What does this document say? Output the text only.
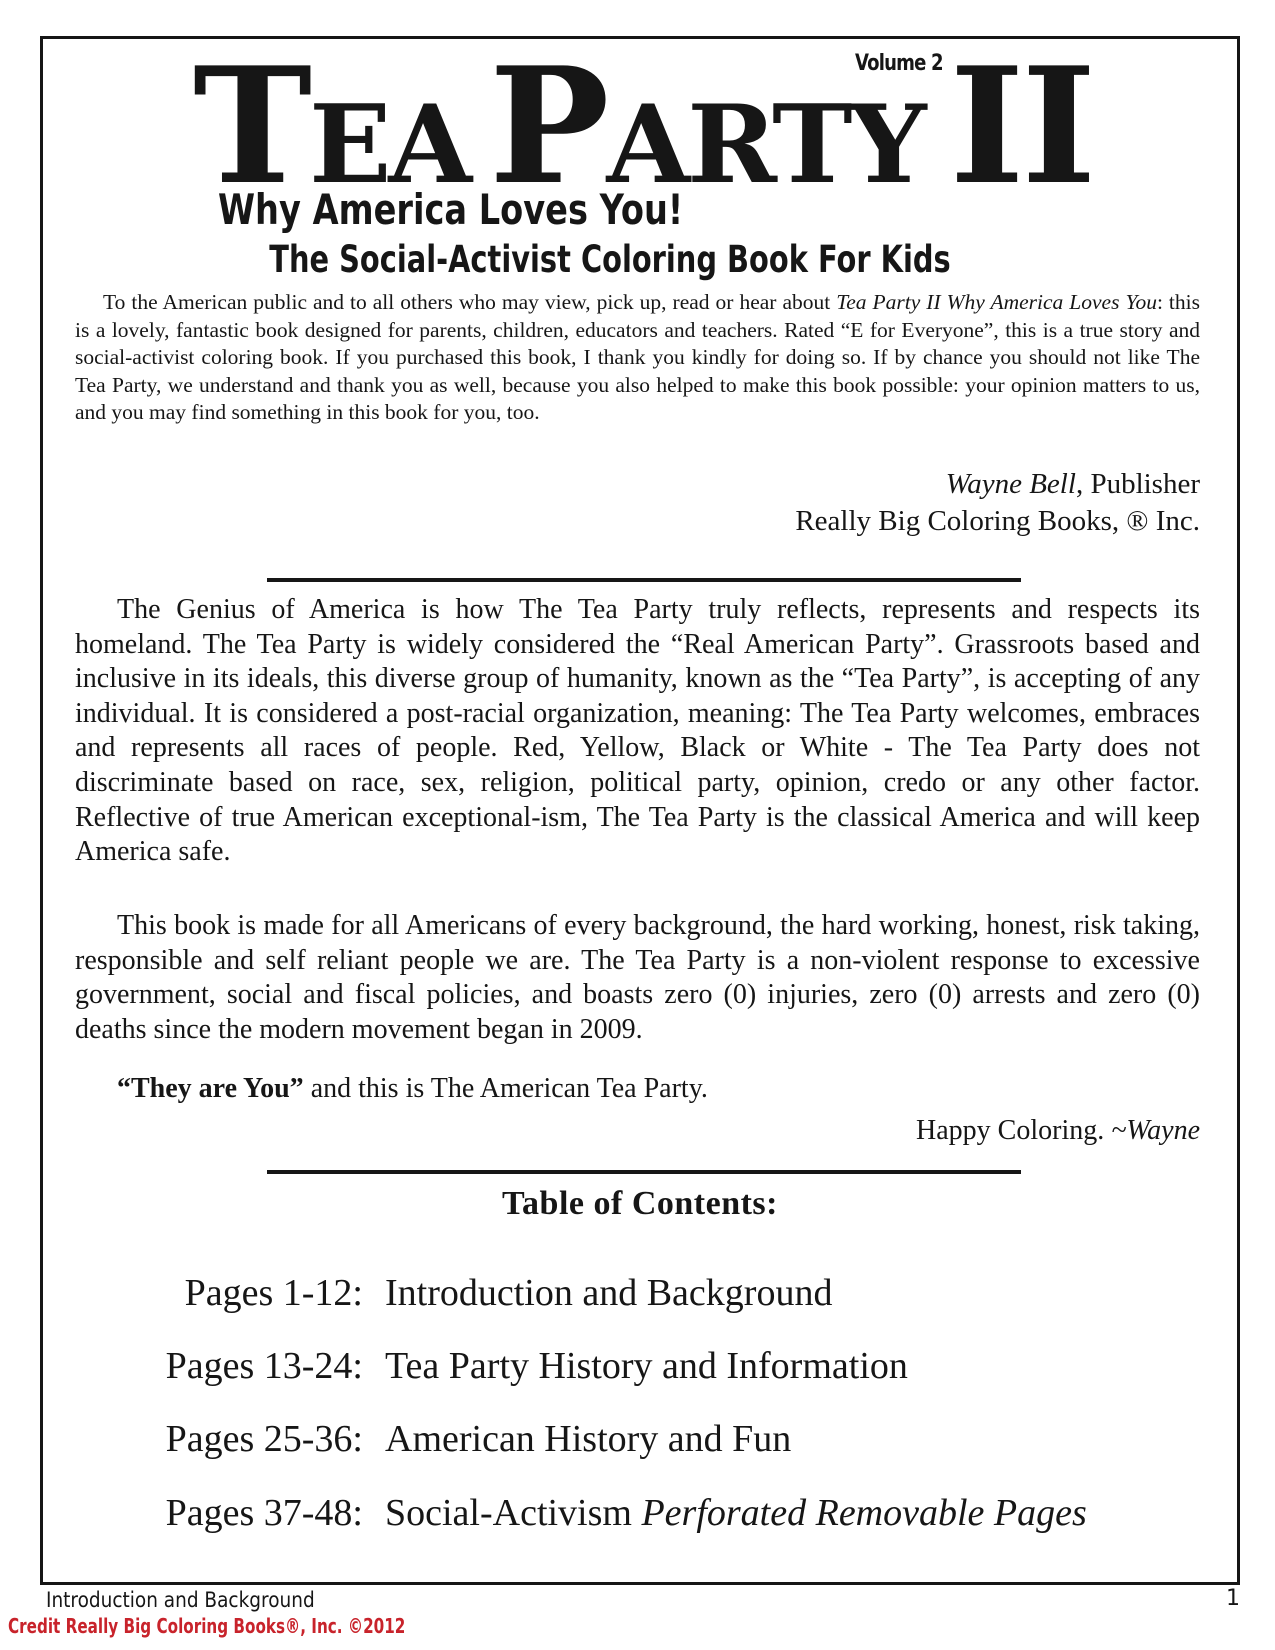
Volume 2
TEA PARTY II
Why America Loves You!
The Social-Activist Coloring Book For Kids

To the American public and to all others who may view, pick up, read or hear about Tea Party II Why America Loves You: this is a lovely, fantastic book designed for parents, children, educators and teachers. Rated “E for Everyone”, this is a true story and social-activist coloring book. If you purchased this book, I thank you kindly for doing so. If by chance you should not like The Tea Party, we understand and thank you as well, because you also helped to make this book possible: your opinion matters to us, and you may find something in this book for you, too.

Wayne Bell, Publisher
Really Big Coloring Books, ® Inc.

The Genius of America is how The Tea Party truly reflects, represents and respects its homeland. The Tea Party is widely considered the “Real American Party”. Grassroots based and inclusive in its ideals, this diverse group of humanity, known as the “Tea Party”, is accepting of any individual. It is considered a post-racial organization, meaning: The Tea Party welcomes, embraces and represents all races of people. Red, Yellow, Black or White - The Tea Party does not discriminate based on race, sex, religion, political party, opinion, credo or any other factor. Reflective of true American exceptional-ism, The Tea Party is the classical America and will keep America safe.

This book is made for all Americans of every background, the hard working, honest, risk taking, responsible and self reliant people we are. The Tea Party is a non-violent response to excessive government, social and fiscal policies, and boasts zero (0) injuries, zero (0) arrests and zero (0) deaths since the modern movement began in 2009.

“They are You” and this is The American Tea Party.

Happy Coloring. ~Wayne
Table of Contents:
Pages 1-12: Introduction and Background
Pages 13-24: Tea Party History and Information
Pages 25-36: American History and Fun
Pages 37-48: Social-Activism Perforated Removable Pages
Introduction and Background	1
Credit Really Big Coloring Books®, Inc. ©2012
